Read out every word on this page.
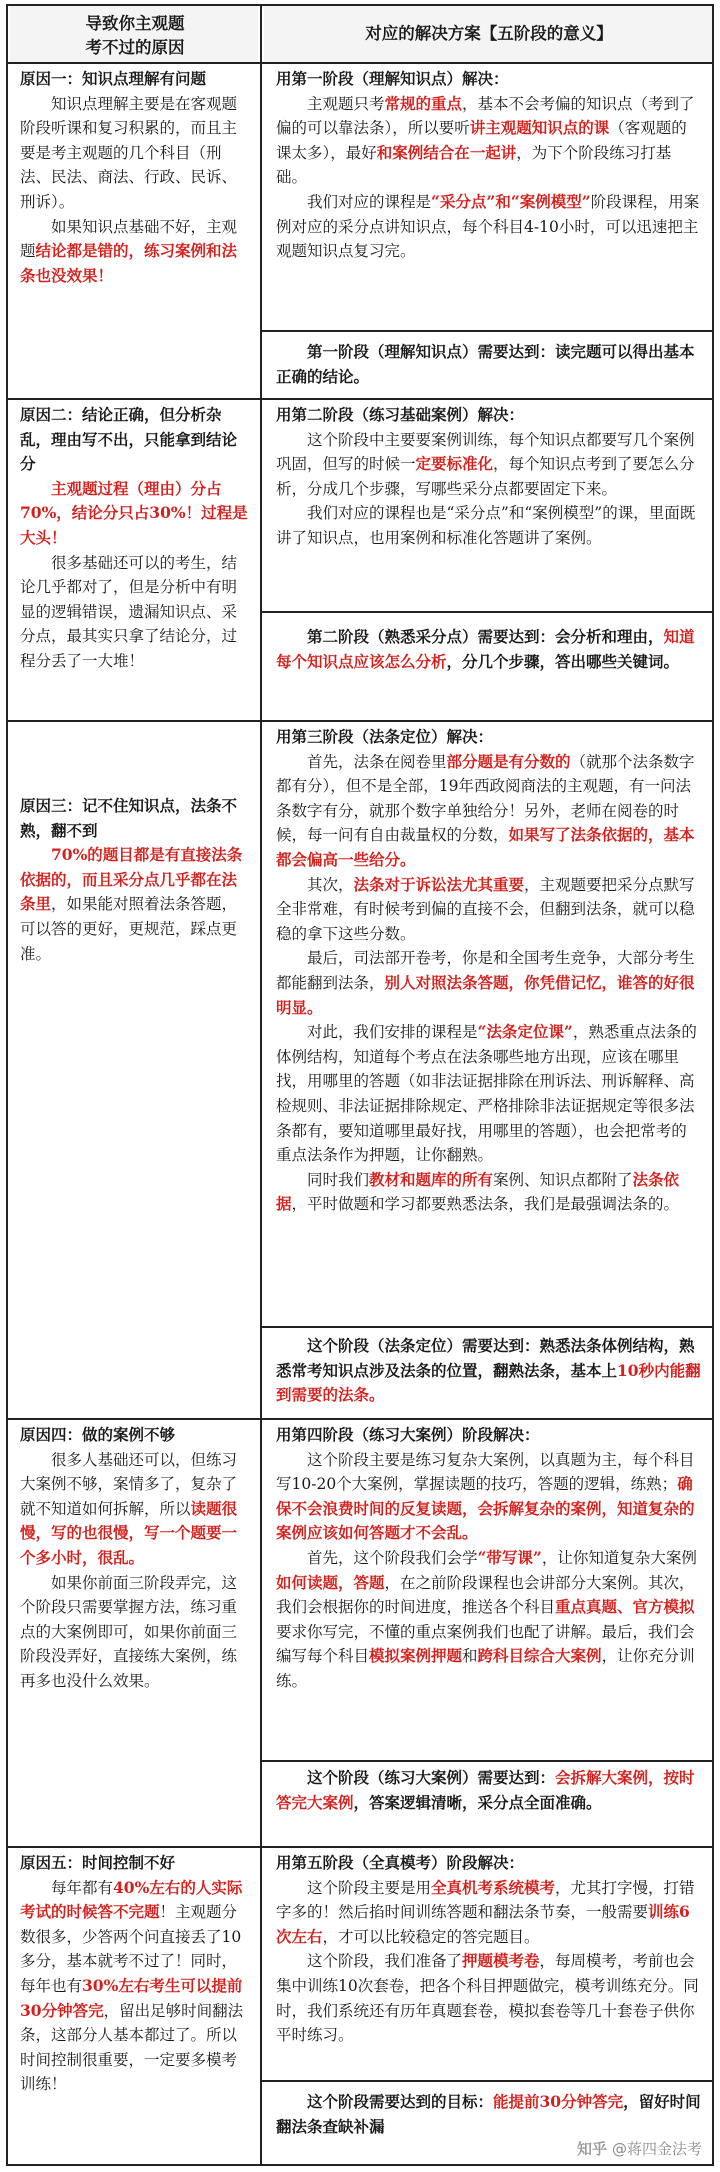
导致你主观题
考不过的原因
对应的解决方案【五阶段的意义】

原因一：知识点理解有问题

知识点理解主要是在客观题阶段听课和复习积累的，而且主要是考主观题的几个科目（刑法、民法、商法、行政、民诉、刑诉）。

如果知识点基础不好，主观题结论都是错的，练习案例和法条也没效果！

用第一阶段（理解知识点）解决：

主观题只考常规的重点，基本不会考偏的知识点（考到了偏的可以靠法条），所以要听讲主观题知识点的课（客观题的课太多），最好和案例结合在一起讲，为下个阶段练习打基础。

我们对应的课程是“采分点”和“案例模型”阶段课程，用案例对应的采分点讲知识点，每个科目4-10小时，可以迅速把主观题知识点复习完。

第一阶段（理解知识点）需要达到：读完题可以得出基本正确的结论。

原因二：结论正确，但分析杂乱，理由写不出，只能拿到结论分

主观题过程（理由）分占70%，结论分只占30%！过程是大头！

很多基础还可以的考生，结论几乎都对了，但是分析中有明显的逻辑错误，遗漏知识点、采分点，最其实只拿了结论分，过程分丢了一大堆！

用第二阶段（练习基础案例）解决：

这个阶段中主要要案例训练，每个知识点都要写几个案例巩固，但写的时候一定要标准化，每个知识点考到了要怎么分析，分成几个步骤，写哪些采分点都要固定下来。

我们对应的课程也是“采分点”和“案例模型”的课，里面既讲了知识点，也用案例和标准化答题讲了案例。

第二阶段（熟悉采分点）需要达到：会分析和理由，知道每个知识点应该怎么分析，分几个步骤，答出哪些关键词。

原因三：记不住知识点，法条不熟，翻不到

70%的题目都是有直接法条依据的，而且采分点几乎都在法条里，如果能对照着法条答题，可以答的更好，更规范，踩点更准。

用第三阶段（法条定位）解决：

首先，法条在阅卷里部分题是有分数的（就那个法条数字都有分），但不是全部，19年西政阅商法的主观题，有一问法条数字有分，就那个数字单独给分！另外，老师在阅卷的时候，每一问有自由裁量权的分数，如果写了法条依据的，基本都会偏高一些给分。

其次，法条对于诉讼法尤其重要，主观题要把采分点默写全非常难，有时候考到偏的直接不会，但翻到法条，就可以稳稳的拿下这些分数。

最后，司法部开卷考，你是和全国考生竞争，大部分考生都能翻到法条，别人对照法条答题，你凭借记忆，谁答的好很明显。

对此，我们安排的课程是“法条定位课”，熟悉重点法条的体例结构，知道每个考点在法条哪些地方出现，应该在哪里找，用哪里的答题（如非法证据排除在刑诉法、刑诉解释、高检规则、非法证据排除规定、严格排除非法证据规定等很多法条都有，要知道哪里最好找，用哪里的答题），也会把常考的重点法条作为押题，让你翻熟。

同时我们教材和题库的所有案例、知识点都附了法条依据，平时做题和学习都要熟悉法条，我们是最强调法条的。

这个阶段（法条定位）需要达到：熟悉法条体例结构，熟悉常考知识点涉及法条的位置，翻熟法条，基本上10秒内能翻到需要的法条。

原因四：做的案例不够

很多人基础还可以，但练习大案例不够，案情多了，复杂了就不知道如何拆解，所以读题很慢，写的也很慢，写一个题要一个多小时，很乱。

如果你前面三阶段弄完，这个阶段只需要掌握方法，练习重点的大案例即可，如果你前面三阶段没弄好，直接练大案例，练再多也没什么效果。

用第四阶段（练习大案例）阶段解决：

这个阶段主要是练习复杂大案例，以真题为主，每个科目写10-20个大案例，掌握读题的技巧，答题的逻辑，练熟；确保不会浪费时间的反复读题，会拆解复杂的案例，知道复杂的案例应该如何答题才不会乱。

首先，这个阶段我们会学“带写课”，让你知道复杂大案例如何读题，答题，在之前阶段课程也会讲部分大案例。其次，我们会根据你的时间进度，推送各个科目重点真题、官方模拟要求你写完，不懂的重点案例我们也配了讲解。最后，我们会编写每个科目模拟案例押题和跨科目综合大案例，让你充分训练。

这个阶段（练习大案例）需要达到：会拆解大案例，按时答完大案例，答案逻辑清晰，采分点全面准确。

原因五：时间控制不好

每年都有40%左右的人实际考试的时候答不完题！主观题分数很多，少答两个问直接丢了10多分，基本就考不过了！同时，每年也有30%左右考生可以提前30分钟答完，留出足够时间翻法条，这部分人基本都过了。所以时间控制很重要，一定要多模考训练！

用第五阶段（全真模考）阶段解决：

这个阶段主要是用全真机考系统模考，尤其打字慢，打错字多的！然后掐时间训练答题和翻法条节奏，一般需要训练6次左右，才可以比较稳定的答完题目。

这个阶段，我们准备了押题模考卷，每周模考，考前也会集中训练10次套卷，把各个科目押题做完，模考训练充分。同时，我们系统还有历年真题套卷，模拟套卷等几十套卷子供你平时练习。

这个阶段需要达到的目标：能提前30分钟答完，留好时间翻法条查缺补漏

知乎 @蒋四金法考
